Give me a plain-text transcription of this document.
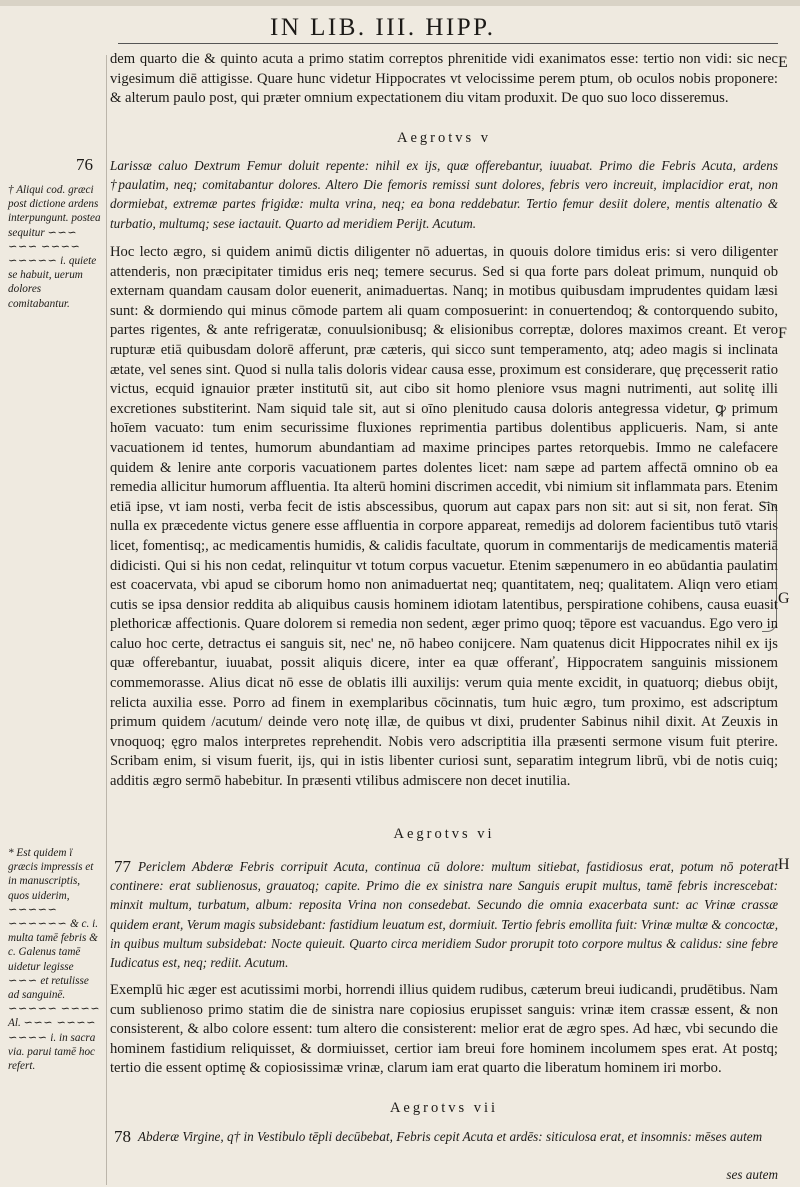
IN LIB. III. HIPP.

dem quarto die & quinto acuta a primo statim correptos phrenitide vidi exanimatos esse: tertio non vidi: sic nec vigesimum diē attigisse. Quare hunc videtur Hippocrates vt velocissime perem ptum, ob oculos nobis proponere: & alterum paulo post, qui præter omnium expectationem diu vitam produxit. De quo suo loco disseremus.

Aegrotvs v
76 Larissæ caluo Dextrum Femur doluit repente: nihil ex ijs, quæ offerebantur, iuuabat. Primo die Febris Acuta, ardens †paulatim, neq; comitabantur dolores. Altero Die femoris remissi sunt dolores, febris vero increuit, implacidior erat, non dormiebat, extremæ partes frigidæ: multa vrina, neq; ea bona reddebatur. Tertio femur desiit dolere, mentis altenatio & turbatio, multumq; sese iactauit. Quarto ad meridiem Perijt. Acutum.

Hoc lecto ægro, si quidem animū dictis diligenter nō aduertas, in quouis dolore timidus eris: si vero diligenter attenderis, non præcipitater timidus eris neq; temere securus. Sed si qua forte pars doleat primum, nunquid ob externam quandam causam dolor euenerit, animaduertas. Nanq; in motibus quibusdam imprudentes quidam læsi sunt: & dormiendo qui minus cōmode partem ali quam composuerint: in conuertendoq; & contorquendo subito, partes rigentes, & ante refrigeratæ, conuulsionibusq; & elisionibus correptæ, dolores maximos creant. Et vero rupturæ etiā quibusdam dolorē afferunt, præ cæteris, qui sicco sunt temperamento, atq; adeo magis si inclinata ætate, vel senes sint. Quod si nulla talis doloris videaɾ causa esse, proximum est considerare, quę pręcesserit ratio victus, ecquid ignauior præter institutū sit, aut cibo sit homo pleniore vsus magni nutrimenti, aut solitę illi excretiones substiterint. Nam siquid tale sit, aut si oīno plenitudo causa doloris antegressa videtur, ꝙ primum hoīem vacuato: tum enim securissime fluxiones reprimentia partibus dolentibus applicueris. Nam, si ante vacuationem id tentes, humorum abundantiam ad maxime principes partes retorquebis. Immo ne calefacere quidem & lenire ante corporis vacuationem partes dolentes licet: nam sæpe ad partem affectā omnino ob ea remedia allicitur humorum affluentia. Ita alterū homini discrimen accedit, vbi nimium sit inflammata pars. Etenim etiā ipse, vt iam nosti, verba fecit de istis abscessibus, quorum aut capax pars non sit: aut si sit, non ferat. Sin nulla ex præcedente victus genere esse affluentia in corpore appareat, remedijs ad dolorem facientibus tutō vtaris licet, fomentisq;, ac medicamentis humidis, & calidis facultate, quorum in commentarijs de medicamentis materiā didicisti. Qui si his non cedat, relinquitur vt totum corpus vacuetur. Etenim sæpenumero in eo abūdantia paulatim est coacervata, vbi apud se ciborum homo non animaduertat neq; quantitatem, neq; qualitatem. Aliqn vero etiam cutis se ipsa densior reddita ab aliquibus causis hominem idiotam latentibus, perspiratione cohibens, causa euasit plethoricæ affectionis. Quare dolorem si remedia non sedent, æger primo quoq; tēpore est vacuandus. Ego vero in caluo hoc certe, detractus ei sanguis sit, nec' ne, nō habeo conijcere. Nam quatenus dicit Hippocrates nihil ex ijs quæ offerebantur, iuuabat, possit aliquis dicere, inter ea quæ offeranť, Hippocratem sanguinis missionem commemorasse. Alius dicat nō esse de oblatis illi auxilijs: verum quia mente excidit, in quatuorq; diebus obijt, relicta auxilia esse. Porro ad finem in exemplaribus cōcinnatis, tum huic ægro, tum proximo, est adscriptum primum quidem /acutum/ deinde vero notę illæ, de quibus vt dixi, prudenter Sabinus nihil dixit. At Zeuxis in vnoquoq; ęgro malos interpretes reprehendit. Nobis vero adscriptitia illa præsenti sermone visum fuit pterire. Scribam enim, si visum fuerit, ijs, qui in istis libenter curiosi sunt, separatim integrum librū, vbi de notis cuiq; additis ægro sermō habebitur. In præsenti vtilibus admiscere non decet inutilia.

† Aliqui cod. græci post dictione ardens interpungunt. postea sequitur ∽∽∽ ∽∽∽ ∽∽∽∽ ∽∽∽∽∽ i. quiete se habuit, uerum dolores comitabantur.

Aegrotvs vi
77 Periclem Abderæ Febris corripuit Acuta, continua cū dolore: multum sitiebat, fastidiosus erat, potum nō poterat continere: erat sublienosus, grauatoq; capite. Primo die ex sinistra nare Sanguis erupit multus, tamē febris increscebat: minxit multum, turbatum, album: reposita Vrina non consedebat. Secundo die omnia exacerbata sunt: ac Vrinæ crassæ quidem erant, Verum magis subsidebant: fastidium leuatum est, dormiuit. Tertio febris emollita fuit: Vrinæ multæ & concoctæ, in quibus multum subsidebat: Nocte quieuit. Quarto circa meridiem Sudor prorupit toto corpore multus & calidus: sine febre Iudicatus est, neq; rediit. Acutum.

Exemplū hic æger est acutissimi morbi, horrendi illius quidem rudibus, cæterum breui iudicandi, prudētibus. Nam cum sublienoso primo statim die de sinistra nare copiosius erupisset sanguis: vrinæ item crassæ essent, & non consisterent, & albo colore essent: tum altero die consisterent: melior erat de ægro spes. Ad hæc, vbi secundo die hominem fastidium reliquisset, & dormiuisset, certior iam breui fore hominem incolumem spes erat. At postq; tertio die essent optimę & copiosissimæ vrinæ, clarum iam erat quarto die liberatum hominem iri morbo.

* Est quidem ï græcis impressis et in manuscriptis, quos uiderim, ∽∽∽∽∽ ∽∽∽∽∽∽ & c. i. multa tamē febris & c. Galenus tamē uidetur legisse ∽∽∽ et retulisse ad sanguinē. ∽∽∽∽∽ ∽∽∽∽ Al. ∽∽∽ ∽∽∽∽ ∽∽∽∽ i. in sacra via. parui tamē hoc refert.

Aegrotvs vii
78 Abderæ Virgine, q† in Vestibulo tēpli decūbebat, Febris cepit Acuta et ardēs: siticulosa erat, et insomnis: mēses autem

ses autem

E
F
G
H
